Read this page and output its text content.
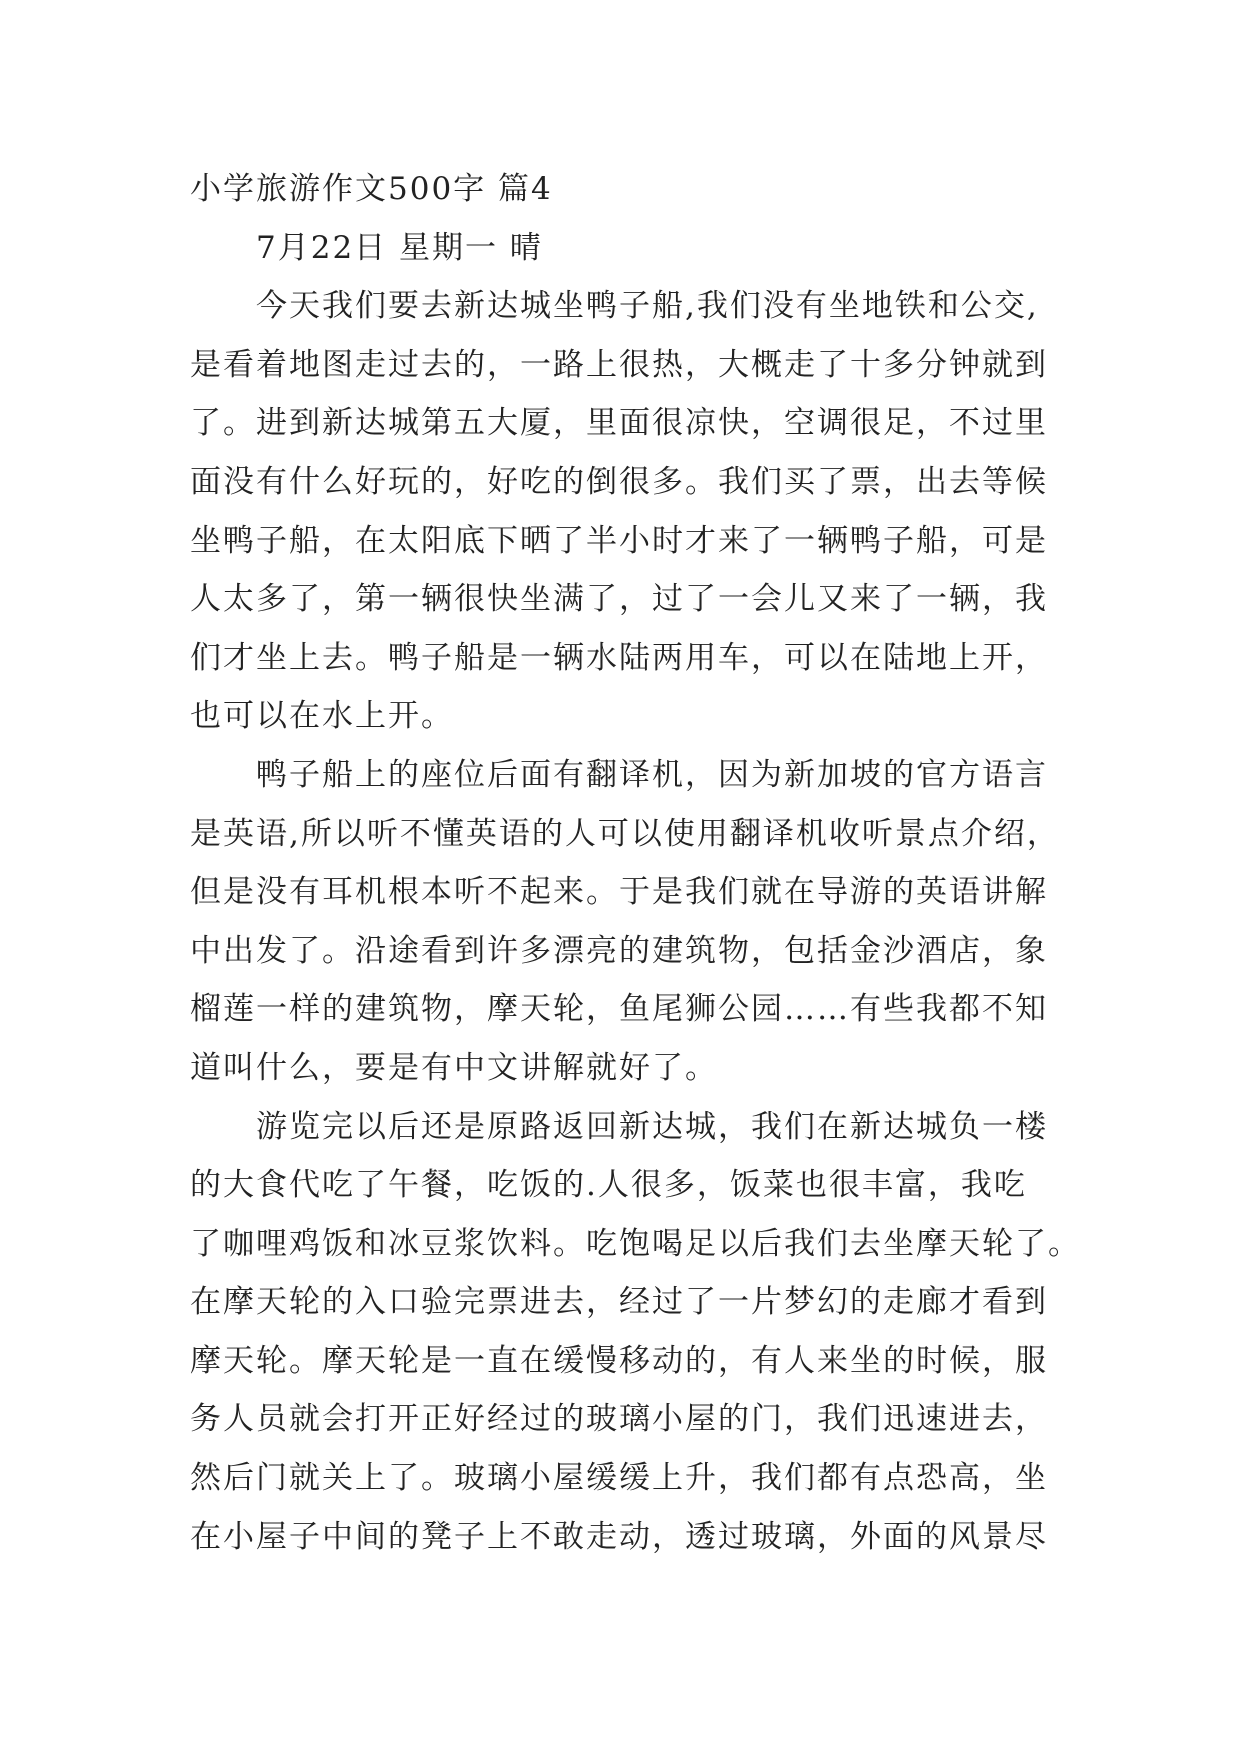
小学旅游作文500字 篇4
7月22日 星期一 晴
今天我们要去新达城坐鸭子船,我们没有坐地铁和公交,
是看着地图走过去的，一路上很热，大概走了十多分钟就到
了。进到新达城第五大厦，里面很凉快，空调很足，不过里
面没有什么好玩的，好吃的倒很多。我们买了票，出去等候
坐鸭子船，在太阳底下晒了半小时才来了一辆鸭子船，可是
人太多了，第一辆很快坐满了，过了一会儿又来了一辆，我
们才坐上去。鸭子船是一辆水陆两用车，可以在陆地上开，
也可以在水上开。
鸭子船上的座位后面有翻译机，因为新加坡的官方语言
是英语,所以听不懂英语的人可以使用翻译机收听景点介绍，
但是没有耳机根本听不起来。于是我们就在导游的英语讲解
中出发了。沿途看到许多漂亮的建筑物，包括金沙酒店，象
榴莲一样的建筑物，摩天轮，鱼尾狮公园……有些我都不知
道叫什么，要是有中文讲解就好了。
游览完以后还是原路返回新达城，我们在新达城负一楼
的大食代吃了午餐，吃饭的.人很多，饭菜也很丰富，我吃
了咖哩鸡饭和冰豆浆饮料。吃饱喝足以后我们去坐摩天轮了。
在摩天轮的入口验完票进去，经过了一片梦幻的走廊才看到
摩天轮。摩天轮是一直在缓慢移动的，有人来坐的时候，服
务人员就会打开正好经过的玻璃小屋的门，我们迅速进去，
然后门就关上了。玻璃小屋缓缓上升，我们都有点恐高，坐
在小屋子中间的凳子上不敢走动，透过玻璃，外面的风景尽
